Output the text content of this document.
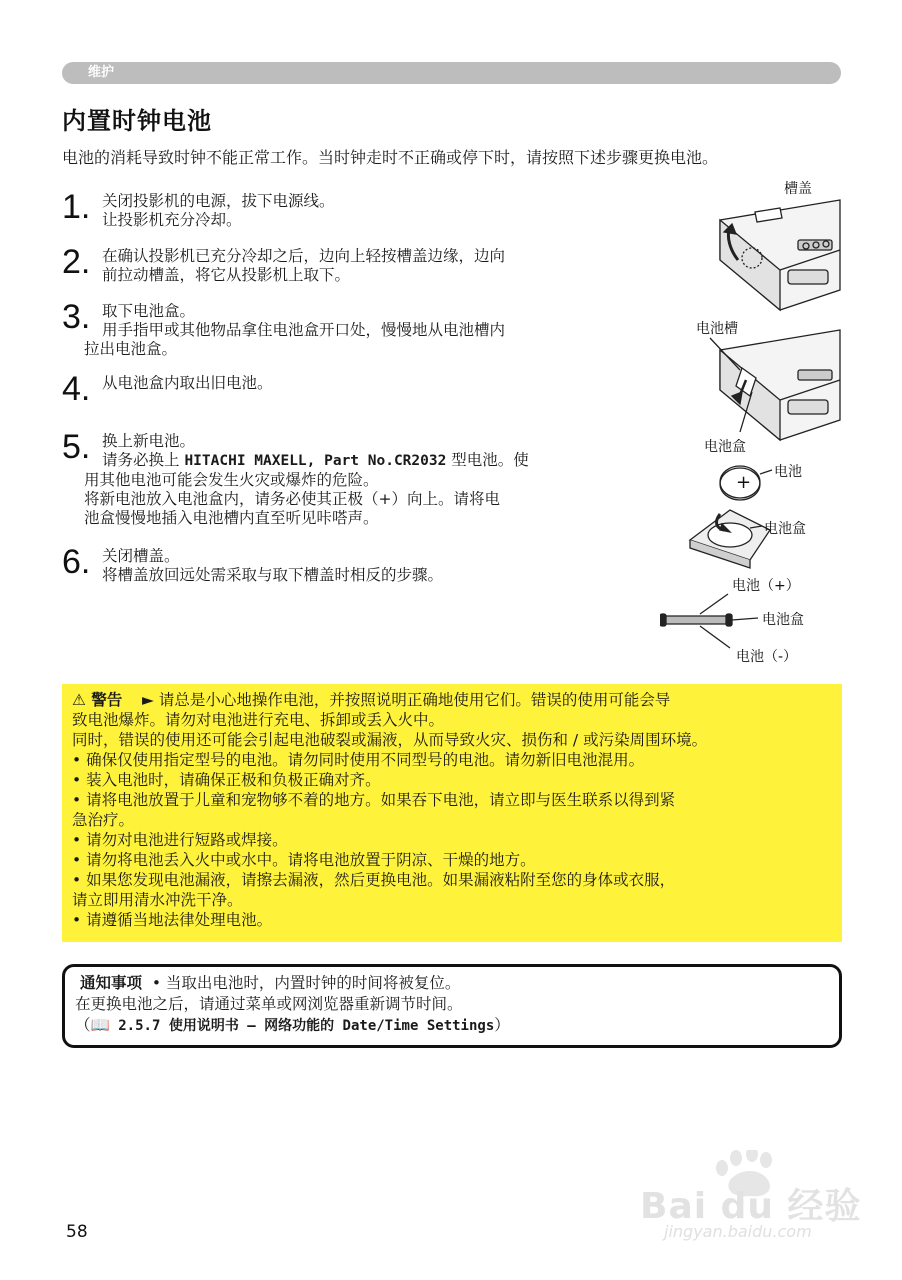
维护
内置时钟电池
电池的消耗导致时钟不能正常工作。当时钟走时不正确或停下时，请按照下述步骤更换电池。
1. 关闭投影机的电源，拔下电源线。
让投影机充分冷却。
2. 在确认投影机已充分冷却之后，边向上轻按槽盖边缘，边向
前拉动槽盖，将它从投影机上取下。
3. 取下电池盒。
用手指甲或其他物品拿住电池盒开口处，慢慢地从电池槽内
拉出电池盒。
4. 从电池盒内取出旧电池。
5. 换上新电池。
请务必换上 HITACHI MAXELL, Part No.CR2032 型电池。使
用其他电池可能会发生火灾或爆炸的危险。
将新电池放入电池盒内，请务必使其正极（+）向上。请将电
池盒慢慢地插入电池槽内直至听见咔嗒声。
6. 关闭槽盖。
将槽盖放回远处需采取与取下槽盖时相反的步骤。
槽盖
电池槽
电池盒
+ 电池
电池盒
电池（+）
电池盒
电池（-）
⚠ 警告 ► 请总是小心地操作电池，并按照说明正确地使用它们。错误的使用可能会导
致电池爆炸。请勿对电池进行充电、拆卸或丢入火中。
同时，错误的使用还可能会引起电池破裂或漏液，从而导致火灾、损伤和 / 或污染周围环境。
• 确保仅使用指定型号的电池。请勿同时使用不同型号的电池。请勿新旧电池混用。
• 装入电池时，请确保正极和负极正确对齐。
• 请将电池放置于儿童和宠物够不着的地方。如果吞下电池，请立即与医生联系以得到紧
急治疗。
• 请勿对电池进行短路或焊接。
• 请勿将电池丢入火中或水中。请将电池放置于阴凉、干燥的地方。
• 如果您发现电池漏液，请擦去漏液，然后更换电池。如果漏液粘附至您的身体或衣服，
请立即用清水冲洗干净。
• 请遵循当地法律处理电池。
通知事项 • 当取出电池时，内置时钟的时间将被复位。
在更换电池之后，请通过菜单或网浏览器重新调节时间。
（📖 2.5.7 使用说明书 – 网络功能的 Date/Time Settings）
58
Bai du 经验
jingyan.baidu.com
